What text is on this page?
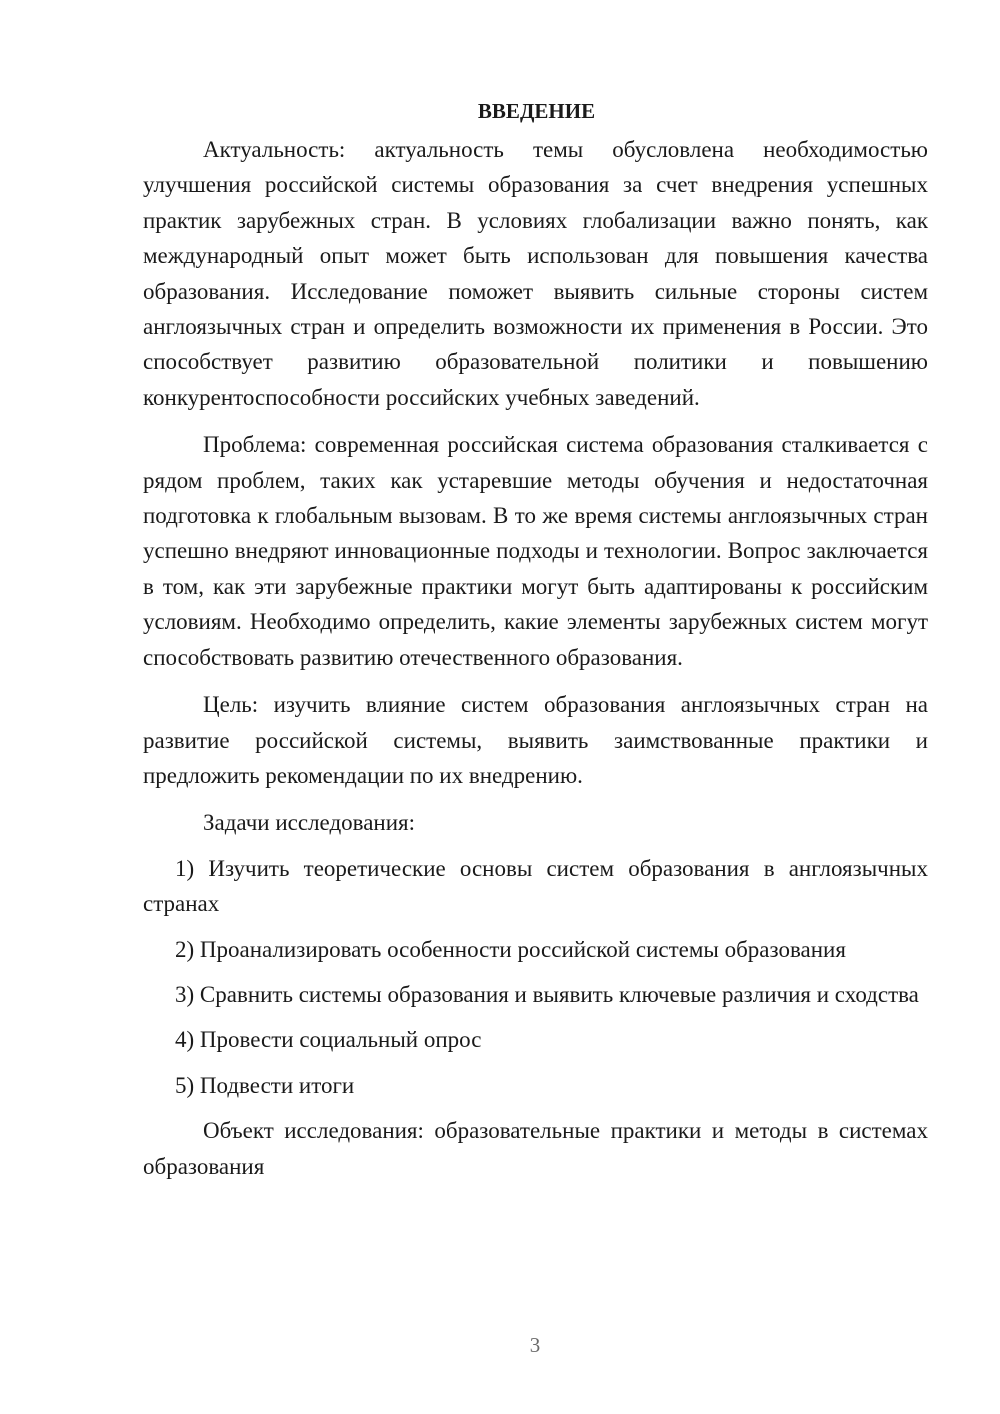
ВВЕДЕНИЕ

Актуальность: актуальность темы обусловлена необходимостью улучшения российской системы образования за счет внедрения успешных практик зарубежных стран. В условиях глобализации важно понять, как международный опыт может быть использован для повышения качества образования. Исследование поможет выявить сильные стороны систем англоязычных стран и определить возможности их применения в России. Это способствует развитию образовательной политики и повышению конкурентоспособности российских учебных заведений.

Проблема: современная российская система образования сталкивается с рядом проблем, таких как устаревшие методы обучения и недостаточная подготовка к глобальным вызовам. В то же время системы англоязычных стран успешно внедряют инновационные подходы и технологии. Вопрос заключается в том, как эти зарубежные практики могут быть адаптированы к российским условиям. Необходимо определить, какие элементы зарубежных систем могут способствовать развитию отечественного образования.

Цель: изучить влияние систем образования англоязычных стран на развитие российской системы, выявить заимствованные практики и предложить рекомендации по их внедрению.

Задачи исследования:

1) Изучить теоретические основы систем образования в англоязычных странах

2) Проанализировать особенности российской системы образования

3) Сравнить системы образования и выявить ключевые различия и сходства

4) Провести социальный опрос

5) Подвести итоги

Объект исследования: образовательные практики и методы в системах образования

3
